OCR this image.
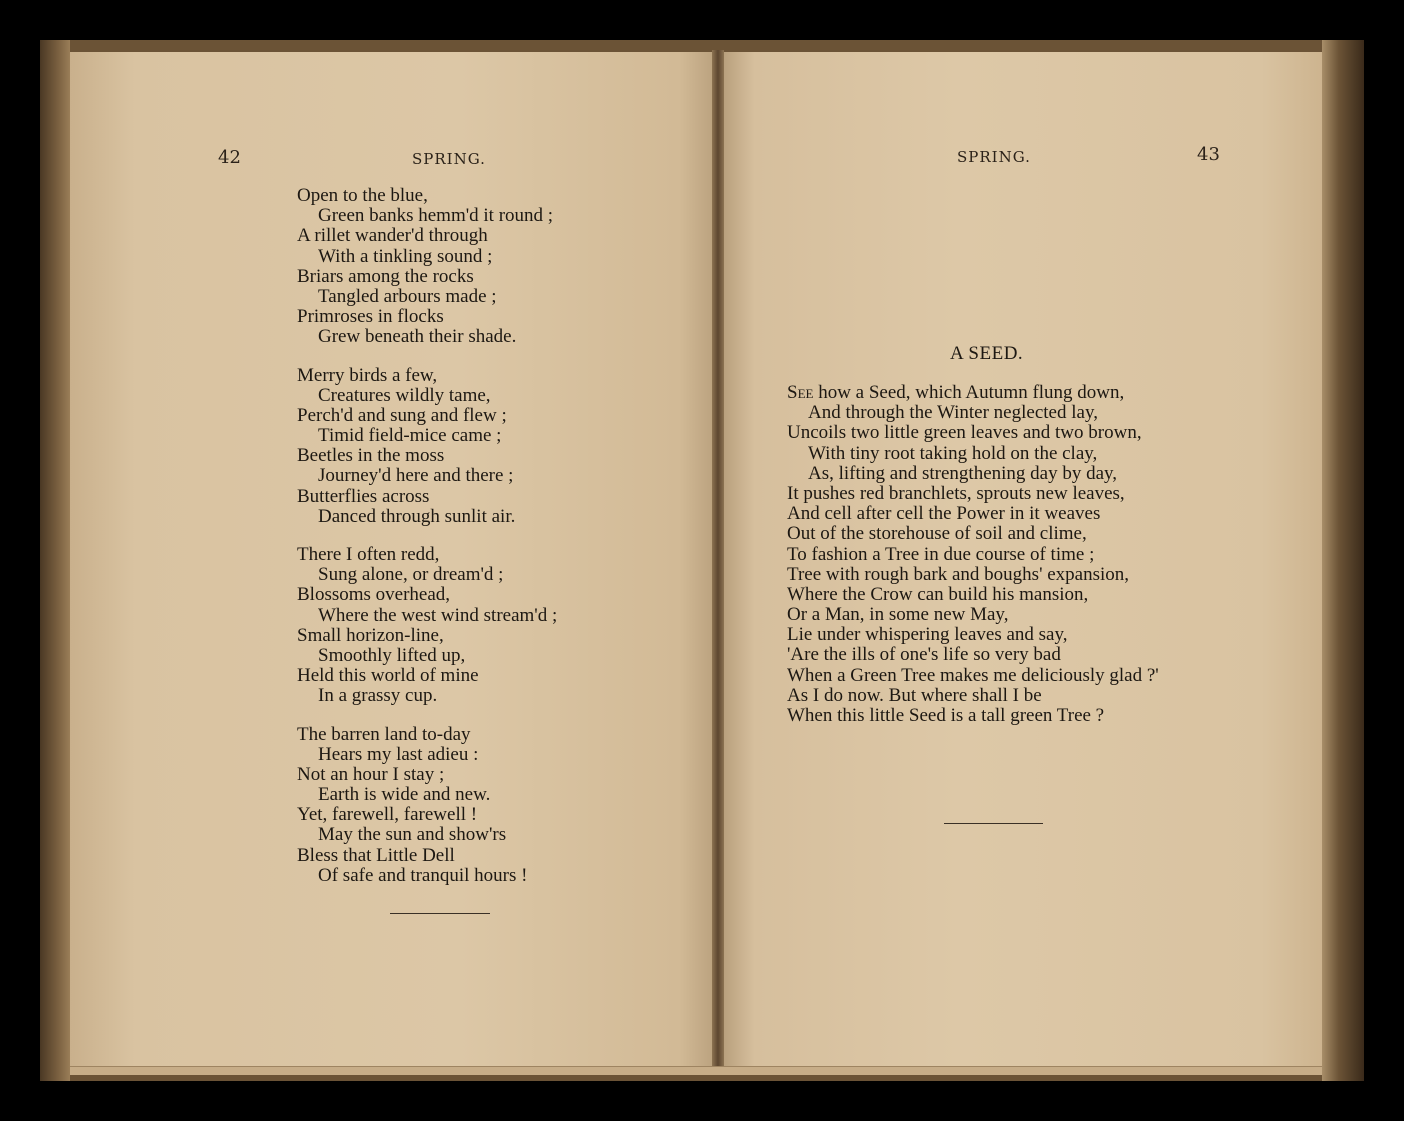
42	SPRING.
Open to the blue,
Green banks hemm'd it round ;
A rillet wander'd through
With a tinkling sound ;
Briars among the rocks
Tangled arbours made ;
Primroses in flocks
Grew beneath their shade.
Merry birds a few,
Creatures wildly tame,
Perch'd and sung and flew ;
Timid field-mice came ;
Beetles in the moss
Journey'd here and there ;
Butterflies across
Danced through sunlit air.
There I often redd,
Sung alone, or dream'd ;
Blossoms overhead,
Where the west wind stream'd ;
Small horizon-line,
Smoothly lifted up,
Held this world of mine
In a grassy cup.
The barren land to-day
Hears my last adieu :
Not an hour I stay ;
Earth is wide and new.
Yet, farewell, farewell !
May the sun and show'rs
Bless that Little Dell
Of safe and tranquil hours !
SPRING.	43
A SEED.
See how a Seed, which Autumn flung down,
And through the Winter neglected lay,
Uncoils two little green leaves and two brown,
With tiny root taking hold on the clay,
As, lifting and strengthening day by day,
It pushes red branchlets, sprouts new leaves,
And cell after cell the Power in it weaves
Out of the storehouse of soil and clime,
To fashion a Tree in due course of time ;
Tree with rough bark and boughs' expansion,
Where the Crow can build his mansion,
Or a Man, in some new May,
Lie under whispering leaves and say,
'Are the ills of one's life so very bad
When a Green Tree makes me deliciously glad ?'
As I do now. But where shall I be
When this little Seed is a tall green Tree ?
